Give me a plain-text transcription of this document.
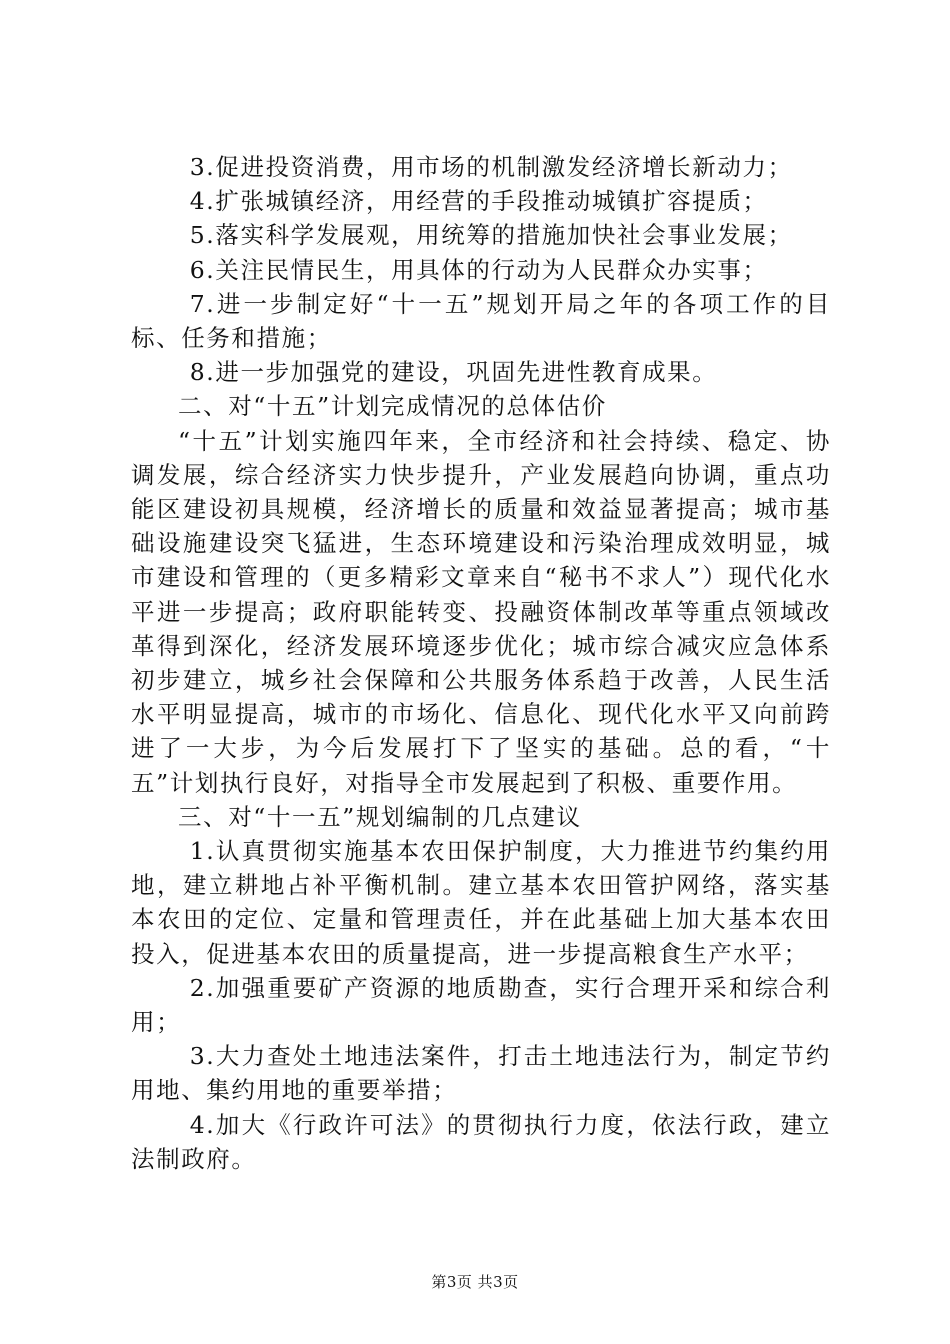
3.促进投资消费，用市场的机制激发经济增长新动力；

4.扩张城镇经济，用经营的手段推动城镇扩容提质；

5.落实科学发展观，用统筹的措施加快社会事业发展；

6.关注民情民生，用具体的行动为人民群众办实事；

7.进一步制定好“十一五”规划开局之年的各项工作的目标、任务和措施；

8.进一步加强党的建设，巩固先进性教育成果。

二、对“十五”计划完成情况的总体估价

“十五”计划实施四年来，全市经济和社会持续、稳定、协调发展，综合经济实力快步提升，产业发展趋向协调，重点功能区建设初具规模，经济增长的质量和效益显著提高；城市基础设施建设突飞猛进，生态环境建设和污染治理成效明显，城市建设和管理的（更多精彩文章来自“秘书不求人”）现代化水平进一步提高；政府职能转变、投融资体制改革等重点领域改革得到深化，经济发展环境逐步优化；城市综合减灾应急体系初步建立，城乡社会保障和公共服务体系趋于改善，人民生活水平明显提高，城市的市场化、信息化、现代化水平又向前跨进了一大步，为今后发展打下了坚实的基础。总的看，“十五”计划执行良好，对指导全市发展起到了积极、重要作用。

三、对“十一五”规划编制的几点建议

1.认真贯彻实施基本农田保护制度，大力推进节约集约用地，建立耕地占补平衡机制。建立基本农田管护网络，落实基本农田的定位、定量和管理责任，并在此基础上加大基本农田投入，促进基本农田的质量提高，进一步提高粮食生产水平；

2.加强重要矿产资源的地质勘查，实行合理开采和综合利用；

3.大力查处土地违法案件，打击土地违法行为，制定节约用地、集约用地的重要举措；

4.加大《行政许可法》的贯彻执行力度，依法行政，建立法制政府。

第3页 共3页
